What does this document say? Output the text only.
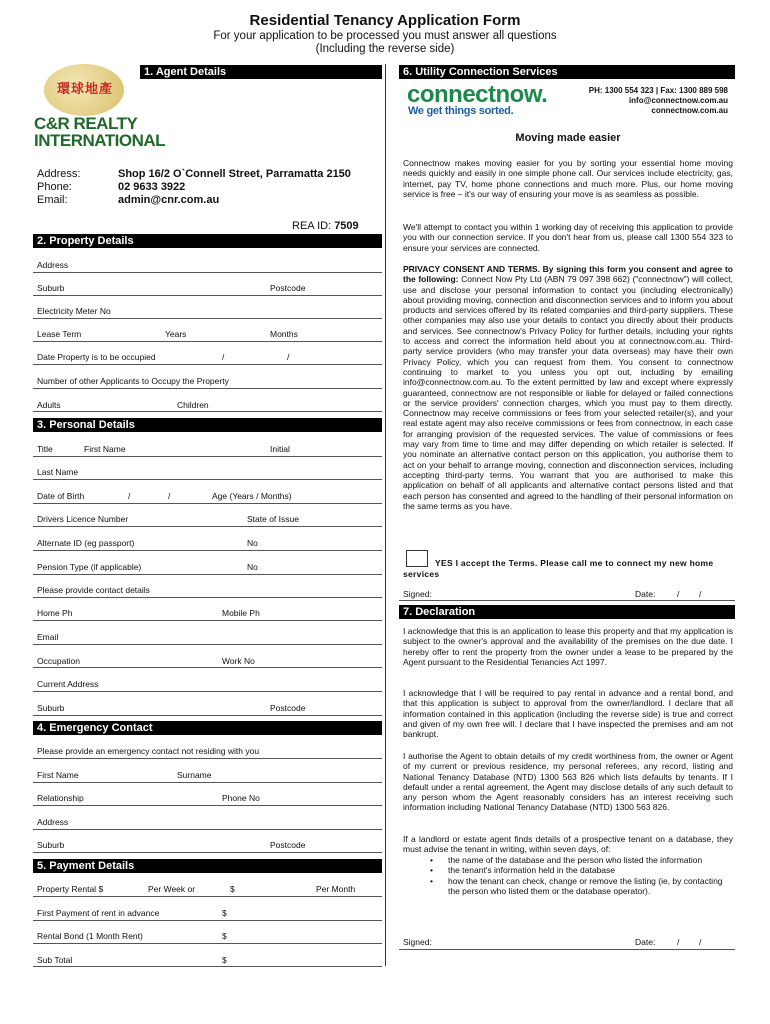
Residential Tenancy Application Form
For your application to be processed you must answer all questions
(Including the reverse side)
環球地產
C&R REALTY
INTERNATIONAL
1. Agent Details
Address:	Shop 16/2 O`Connell Street, Parramatta 2150
Phone:	02 9633 3922
Email:	admin@cnr.com.au
REA ID: 7509
2. Property Details
Address
Suburb	Postcode
Electricity Meter No
Lease Term	Years	Months
Date Property is to be occupied	/	/
Number of other Applicants to Occupy the Property
Adults	Children
3. Personal Details
Title	First Name	Initial
Last Name
Date of Birth	/	/	Age (Years / Months)
Drivers Licence Number	State of Issue
Alternate ID (eg passport)	No
Pension Type (if applicable)	No
Please provide contact details
Home Ph	Mobile Ph
Email
Occupation	Work No
Current Address
Suburb	Postcode
4. Emergency Contact
Please provide an emergency contact not residing with you
First Name	Surname
Relationship	Phone No
Address
Suburb	Postcode
5. Payment Details
Property Rental $	Per Week or	$	Per Month
First Payment of rent in advance	$
Rental Bond (1 Month Rent)	$
Sub Total	$
6. Utility Connection Services
connectnow.
We get things sorted.
PH: 1300 554 323 | Fax: 1300 889 598
info@connectnow.com.au
connectnow.com.au
Moving made easier
Connectnow makes moving easier for you by sorting your essential home moving needs quickly and easily in one simple phone call. Our services include electricity, gas, internet, pay TV, home phone connections and much more. Plus, our home moving service is free – it's our way of ensuring your move is as seamless as possible.
We'll attempt to contact you within 1 working day of receiving this application to provide you with our connection service. If you don't hear from us, please call 1300 554 323 to ensure your services are connected.
PRIVACY CONSENT AND TERMS. By signing this form you consent and agree to the following: Connect Now Pty Ltd (ABN 79 097 398 662) ("connectnow") will collect, use and disclose your personal information to contact you (including electronically) about providing moving, connection and disconnection services and to inform you about products and services offered by its related companies and third-party suppliers. These other companies may also use your details to contact you directly about their products and services. See connectnow's Privacy Policy for further details, including your rights to access and correct the information held about you at connectnow.com.au. Third-party service providers (who may transfer your data overseas) may have their own Privacy Policy, which you can request from them. You consent to connectnow continuing to market to you unless you opt out, including by emailing info@connectnow.com.au. To the extent permitted by law and except where expressly guaranteed, connectnow are not responsible or liable for delayed or failed connections or the service providers' connection charges, which you must pay to them directly. Connectnow may receive commissions or fees from your selected retailer(s), and your real estate agent may also receive commissions or fees from connectnow, in each case for arranging provision of the requested services. The value of commissions or fees may vary from time to time and may differ depending on which retailer is selected. If you nominate an alternative contact person on this application, you authorise them to act on your behalf to arrange moving, connection and disconnection services, including accepting third-party terms. You warrant that you are authorised to make this application on behalf of all applicants and alternative contact persons listed and that each person has consented and agreed to the handling of their personal information on the same terms as you have.
YES I accept the Terms. Please call me to connect my new home services
Signed:	Date:	/ /
7. Declaration
I acknowledge that this is an application to lease this property and that my application is subject to the owner's approval and the availability of the premises on the due date. I hereby offer to rent the property from the owner under a lease to be prepared by the Agent pursuant to the Residential Tenancies Act 1997.
I acknowledge that I will be required to pay rental in advance and a rental bond, and that this application is subject to approval from the owner/landlord. I declare that all information contained in this application (including the reverse side) is true and correct and given of my own free will. I declare that I have inspected the premises and am not bankrupt.
I authorise the Agent to obtain details of my credit worthiness from, the owner or Agent of my current or previous residence, my personal referees, any record, listing and National Tenancy Database (NTD) 1300 563 826 which lists defaults by tenants. If I default under a rental agreement, the Agent may disclose details of any such default to any person whom the Agent reasonably considers has an interest receiving such information including National Tenancy Database (NTD) 1300 563 826.
If a landlord or estate agent finds details of a prospective tenant on a database, they must advise the tenant in writing, within seven days, of:
• the name of the database and the person who listed the information
• the tenant's information held in the database
• how the tenant can check, change or remove the listing (ie, by contacting the person who listed them or the database operator).
Signed:	Date:	/ /
